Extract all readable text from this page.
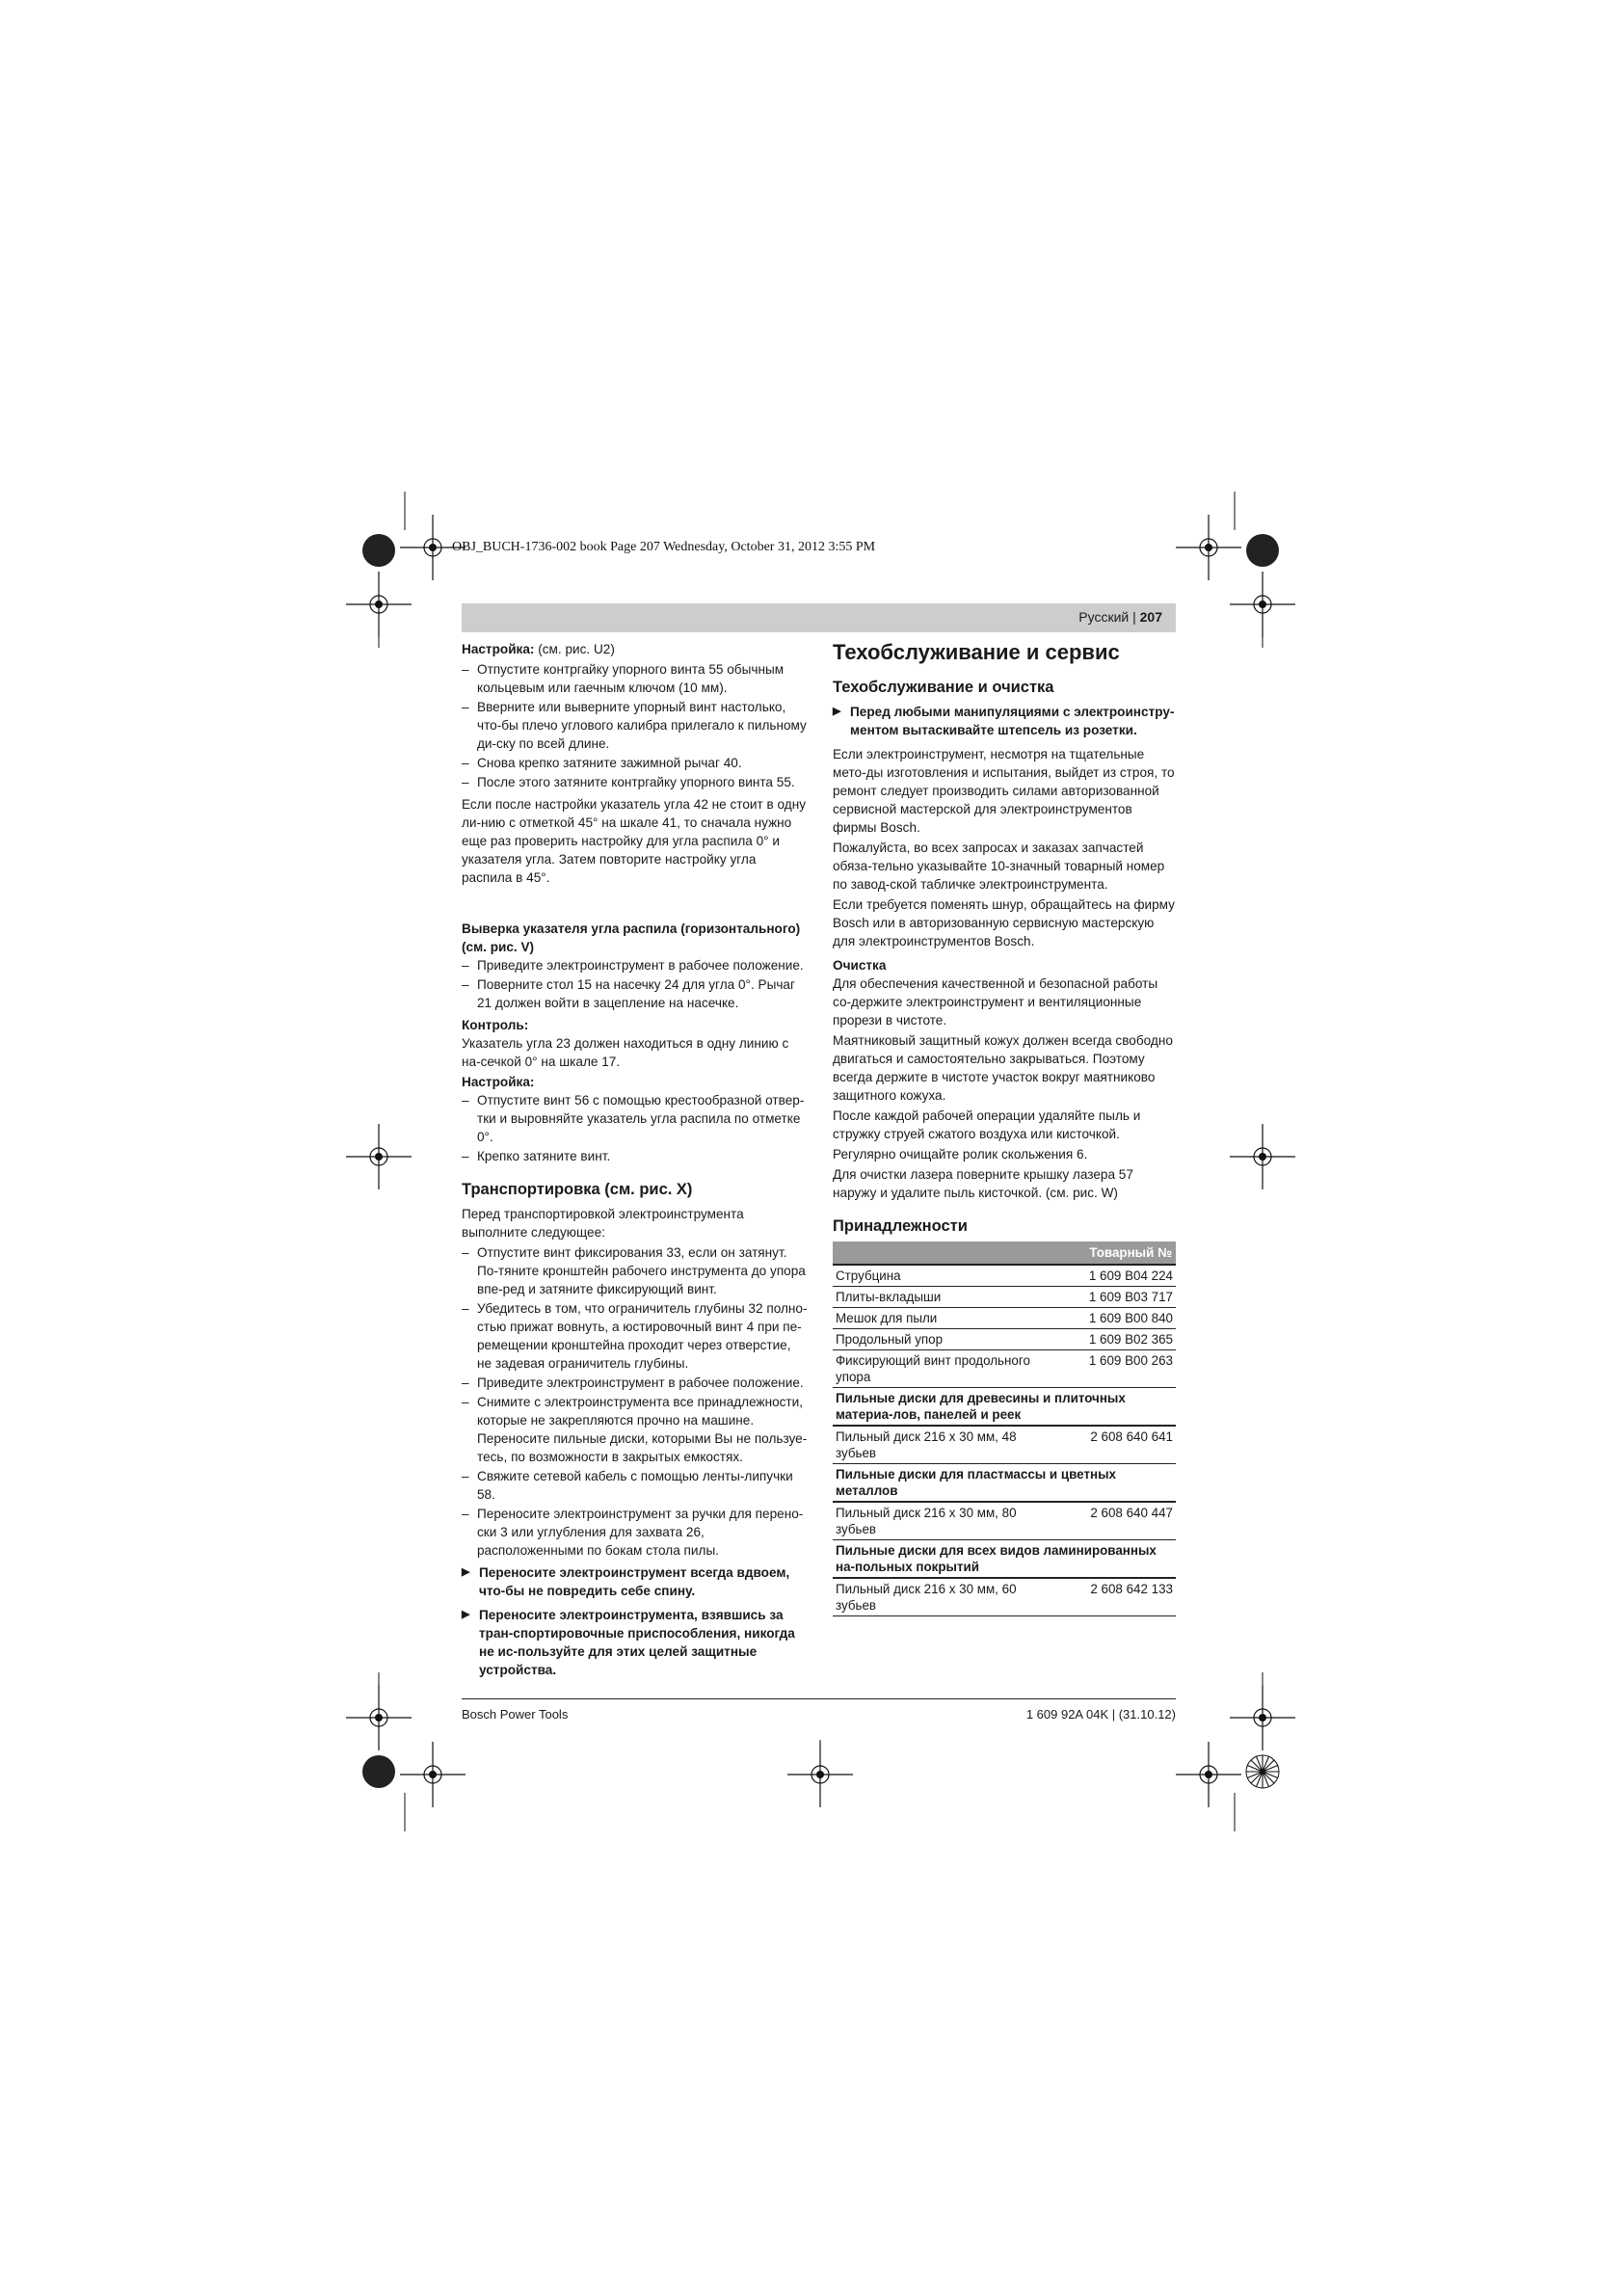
OBJ_BUCH-1736-002 book Page 207 Wednesday, October 31, 2012 3:55 PM
Русский | 207

Настройка: (см. рис. U2)

– Отпустите контргайку упорного винта 55 обычным кольцевым или гаечным ключом (10 мм).
– Вверните или выверните упорный винт настолько, что-бы плечо углового калибра прилегало к пильному ди-ску по всей длине.
– Снова крепко затяните зажимной рычаг 40.
– После этого затяните контргайку упорного винта 55.

Если после настройки указатель угла 42 не стоит в одну ли-нию с отметкой 45° на шкале 41, то сначала нужно еще раз проверить настройку для угла распила 0° и указателя угла. Затем повторите настройку угла распила в 45°.

Выверка указателя угла распила (горизонтального) (см. рис. V)

– Приведите электроинструмент в рабочее положение.
– Поверните стол 15 на насечку 24 для угла 0°. Рычаг 21 должен войти в зацепление на насечке.

Контроль:

Указатель угла 23 должен находиться в одну линию с на-сечкой 0° на шкале 17.

Настройка:

– Отпустите винт 56 с помощью крестообразной отвер-тки и выровняйте указатель угла распила по отметке 0°.
– Крепко затяните винт.

Транспортировка (см. рис. X)

Перед транспортировкой электроинструмента выполните следующее:

– Отпустите винт фиксирования 33, если он затянут. По-тяните кронштейн рабочего инструмента до упора впе-ред и затяните фиксирующий винт.
– Убедитесь в том, что ограничитель глубины 32 полно-стью прижат вовнуть, а юстировочный винт 4 при пе-ремещении кронштейна проходит через отверстие, не задевая ограничитель глубины.
– Приведите электроинструмент в рабочее положение.
– Снимите с электроинструмента все принадлежности, которые не закрепляются прочно на машине. Переносите пильные диски, которыми Вы не пользуе-тесь, по возможности в закрытых емкостях.
– Свяжите сетевой кабель с помощью ленты-липучки 58.
– Переносите электроинструмент за ручки для перено-ски 3 или углубления для захвата 26, расположенными по бокам стола пилы.

▶ Переносите электроинструмент всегда вдвоем, что-бы не повредить себе спину.

▶ Переносите электроинструмента, взявшись за тран-спортировочные приспособления, никогда не ис-пользуйте для этих целей защитные устройства.

Техобслуживание и сервис

Техобслуживание и очистка

▶ Перед любыми манипуляциями с электроинстру-ментом вытаскивайте штепсель из розетки.

Если электроинструмент, несмотря на тщательные мето-ды изготовления и испытания, выйдет из строя, то ремонт следует производить силами авторизованной сервисной мастерской для электроинструментов фирмы Bosch.

Пожалуйста, во всех запросах и заказах запчастей обяза-тельно указывайте 10-значный товарный номер по завод-ской табличке электроинструмента.

Если требуется поменять шнур, обращайтесь на фирму Bosch или в авторизованную сервисную мастерскую для электроинструментов Bosch.

Очистка

Для обеспечения качественной и безопасной работы со-держите электроинструмент и вентиляционные прорези в чистоте.

Маятниковый защитный кожух должен всегда свободно двигаться и самостоятельно закрываться. Поэтому всегда держите в чистоте участок вокруг маятниково защитного кожуха.

После каждой рабочей операции удаляйте пыль и стружку струей сжатого воздуха или кисточкой.

Регулярно очищайте ролик скольжения 6.

Для очистки лазера поверните крышку лазера 57 наружу и удалите пыль кисточкой. (см. рис. W)

Принадлежности

Товарный №	
Струбцина	1 609 B04 224
Плиты-вкладыши	1 609 B03 717
Мешок для пыли	1 609 B00 840
Продольный упор	1 609 B02 365
Фиксирующий винт продольного упора	1 609 B00 263
Пильные диски для древесины и плиточных материа-лов, панелей и реек	
Пильный диск 216 x 30 мм, 48 зубьев	2 608 640 641
Пильные диски для пластмассы и цветных металлов	
Пильный диск 216 x 30 мм, 80 зубьев	2 608 640 447
Пильные диски для всех видов ламинированных на-польных покрытий	
Пильный диск 216 x 30 мм, 60 зубьев	2 608 642 133
Bosch Power Tools	1 609 92A 04K | (31.10.12)
